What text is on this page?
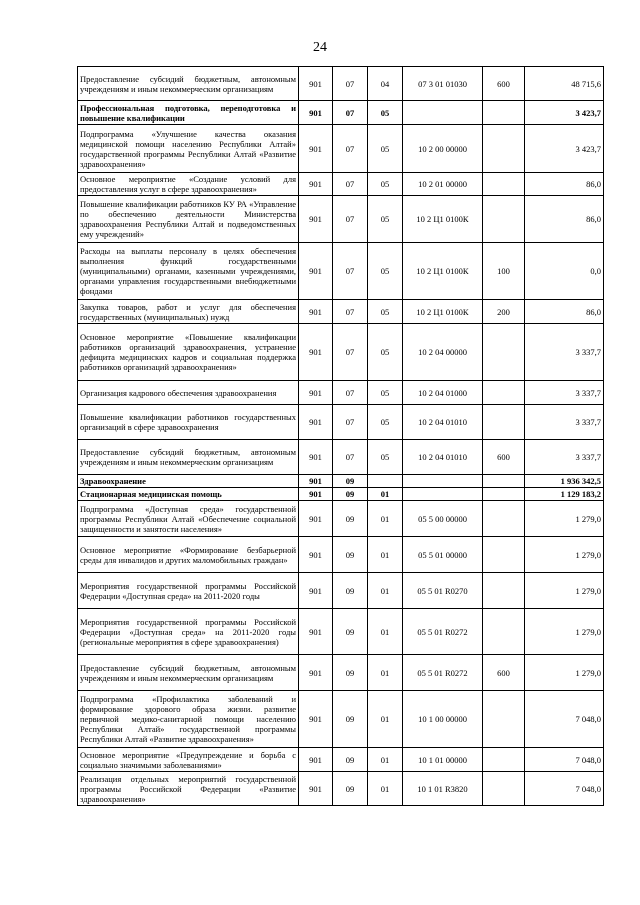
24
Предоставление субсидий бюджетным, автономным учреждениям и иным некоммерческим организациям	901	07	04	07 3 01 01030	600	48 715,6
Профессиональная подготовка, переподготовка и повышение квалификации	901	07	05			3 423,7
Подпрограмма «Улучшение качества оказания медицинской помощи населению Республики Алтай» государственной программы Республики Алтай «Развитие здравоохранения»	901	07	05	10 2 00 00000		3 423,7
Основное мероприятие «Создание условий для предоставления услуг в сфере здравоохранения»	901	07	05	10 2 01 00000		86,0
Повышение квалификации работников КУ РА «Управление по обеспечению деятельности Министерства здравоохранения Республики Алтай и подведомственных ему учреждений»	901	07	05	10 2 Ц1 0100К		86,0
Расходы на выплаты персоналу в целях обеспечения выполнения функций государственными (муниципальными) органами, казенными учреждениями, органами управления государственными внебюджетными фондами	901	07	05	10 2 Ц1 0100К	100	0,0
Закупка товаров, работ и услуг для обеспечения государственных (муниципальных) нужд	901	07	05	10 2 Ц1 0100К	200	86,0
Основное мероприятие «Повышение квалификации работников организаций здравоохранения, устранение дефицита медицинских кадров и социальная поддержка работников организаций здравоохранения»	901	07	05	10 2 04 00000		3 337,7
Организация кадрового обеспечения здравоохранения	901	07	05	10 2 04 01000		3 337,7
Повышение квалификации работников государственных организаций в сфере здравоохранения	901	07	05	10 2 04 01010		3 337,7
Предоставление субсидий бюджетным, автономным учреждениям и иным некоммерческим организациям	901	07	05	10 2 04 01010	600	3 337,7
Здравоохранение	901	09				1 936 342,5
Стационарная медицинская помощь	901	09	01			1 129 183,2
Подпрограмма «Доступная среда» государственной программы Республики Алтай «Обеспечение социальной защищенности и занятости населения»	901	09	01	05 5 00 00000		1 279,0
Основное мероприятие «Формирование безбарьерной среды для инвалидов и других маломобильных граждан»	901	09	01	05 5 01 00000		1 279,0
Мероприятия государственной программы Российской Федерации «Доступная среда» на 2011-2020 годы	901	09	01	05 5 01 R0270		1 279,0
Мероприятия государственной программы Российской Федерации «Доступная среда» на 2011-2020 годы (региональные мероприятия в сфере здравоохранения)	901	09	01	05 5 01 R0272		1 279,0
Предоставление субсидий бюджетным, автономным учреждениям и иным некоммерческим организациям	901	09	01	05 5 01 R0272	600	1 279,0
Подпрограмма «Профилактика заболеваний и формирование здорового образа жизни. развитие первичной медико-санитарной помощи населению Республики Алтай» государственной программы Республики Алтай «Развитие здравоохранения»	901	09	01	10 1 00 00000		7 048,0
Основное мероприятие «Предупреждение и борьба с социально значимыми заболеваниями»	901	09	01	10 1 01 00000		7 048,0
Реализация отдельных мероприятий государственной программы Российской Федерации «Развитие здравоохранения»	901	09	01	10 1 01 R3820		7 048,0
